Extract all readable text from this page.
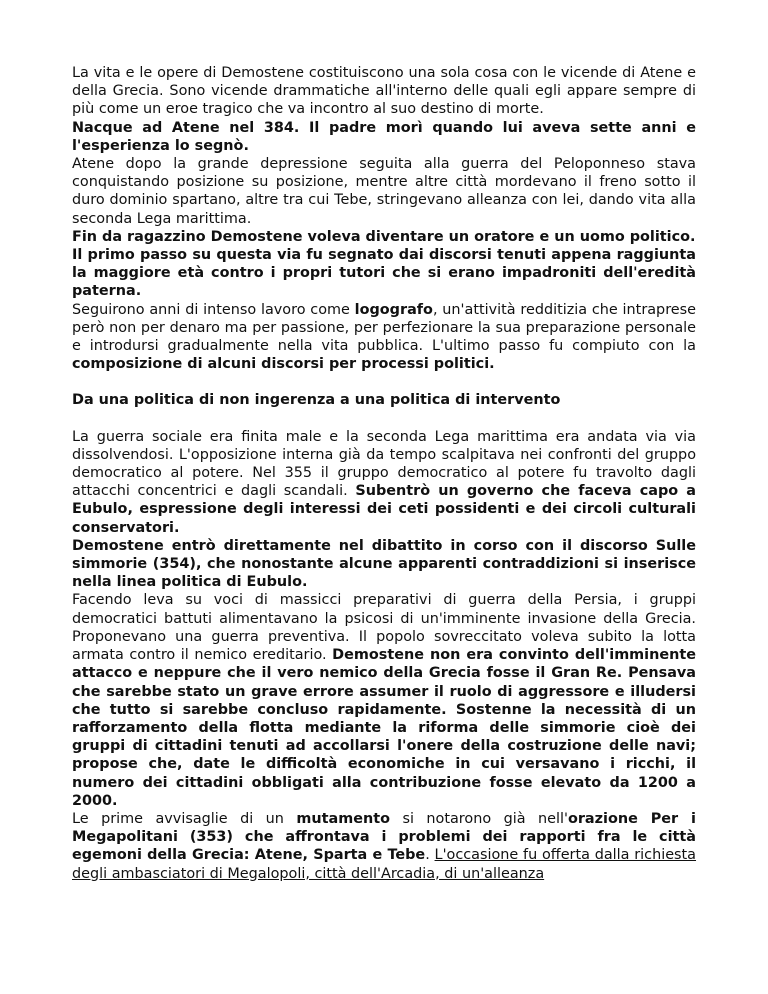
La vita e le opere di Demostene costituiscono una sola cosa con le vicende di Atene e della Grecia. Sono vicende drammatiche all'interno delle quali egli appare sempre di più come un eroe tragico che va incontro al suo destino di morte.

Nacque ad Atene nel 384. Il padre morì quando lui aveva sette anni e l'esperienza lo segnò.

Atene dopo la grande depressione seguita alla guerra del Peloponneso stava conquistando posizione su posizione, mentre altre città mordevano il freno sotto il duro dominio spartano, altre tra cui Tebe, stringevano alleanza con lei, dando vita alla seconda Lega marittima.

Fin da ragazzino Demostene voleva diventare un oratore e un uomo politico.

Il primo passo su questa via fu segnato dai discorsi tenuti appena raggiunta la maggiore età contro i propri tutori che si erano impadroniti dell'eredità paterna.

Seguirono anni di intenso lavoro come logografo, un'attività redditizia che intraprese però non per denaro ma per passione, per perfezionare la sua preparazione personale e introdursi gradualmente nella vita pubblica. L'ultimo passo fu compiuto con la composizione di alcuni discorsi per processi politici.

Da una politica di non ingerenza a una politica di intervento

La guerra sociale era finita male e la seconda Lega marittima era andata via via dissolvendosi. L'opposizione interna già da tempo scalpitava nei confronti del gruppo democratico al potere. Nel 355 il gruppo democratico al potere fu travolto dagli attacchi concentrici e dagli scandali. Subentrò un governo che faceva capo a Eubulo, espressione degli interessi dei ceti possidenti e dei circoli culturali conservatori.

Demostene entrò direttamente nel dibattito in corso con il discorso Sulle simmorie (354), che nonostante alcune apparenti contraddizioni si inserisce nella linea politica di Eubulo.

Facendo leva su voci di massicci preparativi di guerra della Persia, i gruppi democratici battuti alimentavano la psicosi di un'imminente invasione della Grecia. Proponevano una guerra preventiva. Il popolo sovreccitato voleva subito la lotta armata contro il nemico ereditario. Demostene non era convinto dell'imminente attacco e neppure che il vero nemico della Grecia fosse il Gran Re. Pensava che sarebbe stato un grave errore assumer il ruolo di aggressore e illudersi che tutto si sarebbe concluso rapidamente. Sostenne la necessità di un rafforzamento della flotta mediante la riforma delle simmorie cioè dei gruppi di cittadini tenuti ad accollarsi l'onere della costruzione delle navi; propose che, date le difficoltà economiche in cui versavano i ricchi, il numero dei cittadini obbligati alla contribuzione fosse elevato da 1200 a 2000.

Le prime avvisaglie di un mutamento si notarono già nell'orazione Per i Megapolitani (353) che affrontava i problemi dei rapporti fra le città egemoni della Grecia: Atene, Sparta e Tebe. L'occasione fu offerta dalla richiesta degli ambasciatori di Megalopoli, città dell'Arcadia, di un'alleanza
